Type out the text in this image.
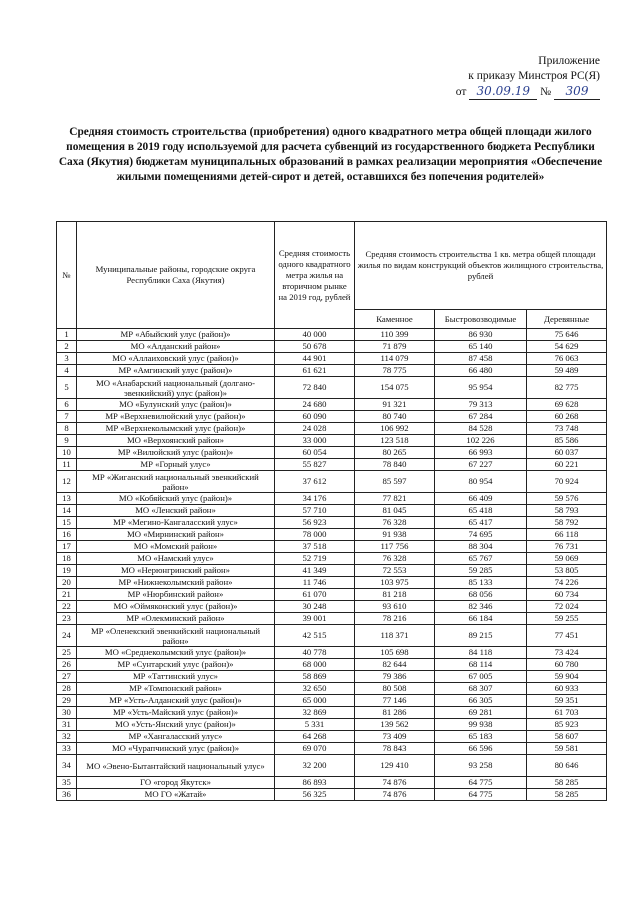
Приложение
к приказу Минстроя РС(Я)
от 30.09.19 № 309
Средняя стоимость строительства (приобретения) одного квадратного метра общей площади жилого помещения в 2019 году используемой для расчета субвенций из государственного бюджета Республики Саха (Якутия) бюджетам муниципальных образований в рамках реализации мероприятия «Обеспечение жилыми помещениями детей-сирот и детей, оставшихся без попечения родителей»
№	Муниципальные районы, городские округа Республики Саха (Якутия)	Средняя стоимость одного квадратного метра жилья на вторичном рынке на 2019 год, рублей	Средняя стоимость строительства 1 кв. метра общей площади жилья по видам конструкций объектов жилищного строительства, рублей		
			Каменное	Быстровозводимые	Деревянные
1	МР «Абыйский улус (район)»	40 000	110 399	86 930	75 646
2	МО «Алданский район»	50 678	71 879	65 140	54 629
3	МО «Аллаиховский улус (район)»	44 901	114 079	87 458	76 063
4	МР «Амгинский улус (район)»	61 621	78 775	66 480	59 489
5	МО «Анабарский национальный (долгано-эвенкийский) улус (район)»	72 840	154 075	95 954	82 775
6	МО «Булунский улус (район)»	24 680	91 321	79 313	69 628
7	МР «Верхневилюйский улус (район)»	60 090	80 740	67 284	60 268
8	МР «Верхнеколымский улус (район)»	24 028	106 992	84 528	73 748
9	МО «Верхоянский район»	33 000	123 518	102 226	85 586
10	МР «Вилюйский улус (район)»	60 054	80 265	66 993	60 037
11	МР «Горный улус»	55 827	78 840	67 227	60 221
12	МР «Жиганский национальный эвенкийский район»	37 612	85 597	80 954	70 924
13	МО «Кобяйский улус (район)»	34 176	77 821	66 409	59 576
14	МО «Ленский район»	57 710	81 045	65 418	58 793
15	МР «Мегино-Кангаласский улус»	56 923	76 328	65 417	58 792
16	МО «Мирнинский район»	78 000	91 938	74 695	66 118
17	МО «Момский район»	37 518	117 756	88 304	76 731
18	МО «Намский улус»	52 719	76 328	65 767	59 069
19	МО «Нерюнгринский район»	41 349	72 553	59 285	53 805
20	МР «Нижнеколымский район»	11 746	103 975	85 133	74 226
21	МР «Нюрбинский район»	61 070	81 218	68 056	60 734
22	МО «Оймяконский улус (район)»	30 248	93 610	82 346	72 024
23	МР «Олекминский район»	39 001	78 216	66 184	59 255
24	МР «Оленекский эвенкийский национальный район»	42 515	118 371	89 215	77 451
25	МО «Среднеколымский улус (район)»	40 778	105 698	84 118	73 424
26	МР «Сунтарский улус (район)»	68 000	82 644	68 114	60 780
27	МР «Таттинский улус»	58 869	79 386	67 005	59 904
28	МР «Томпонский район»	32 650	80 508	68 307	60 933
29	МР «Усть-Алданский улус (район)»	65 000	77 146	66 305	59 351
30	МР «Усть-Майский улус (район)»	32 869	81 286	69 281	61 703
31	МО «Усть-Янский улус (район)»	5 331	139 562	99 938	85 923
32	МР «Хангаласский улус»	64 268	73 409	65 183	58 607
33	МО «Чурапчинский улус (район)»	69 070	78 843	66 596	59 581
34	МО «Эвено-Бытантайский национальный улус»	32 200	129 410	93 258	80 646
35	ГО «город Якутск»	86 893	74 876	64 775	58 285
36	МО ГО «Жатай»	56 325	74 876	64 775	58 285
